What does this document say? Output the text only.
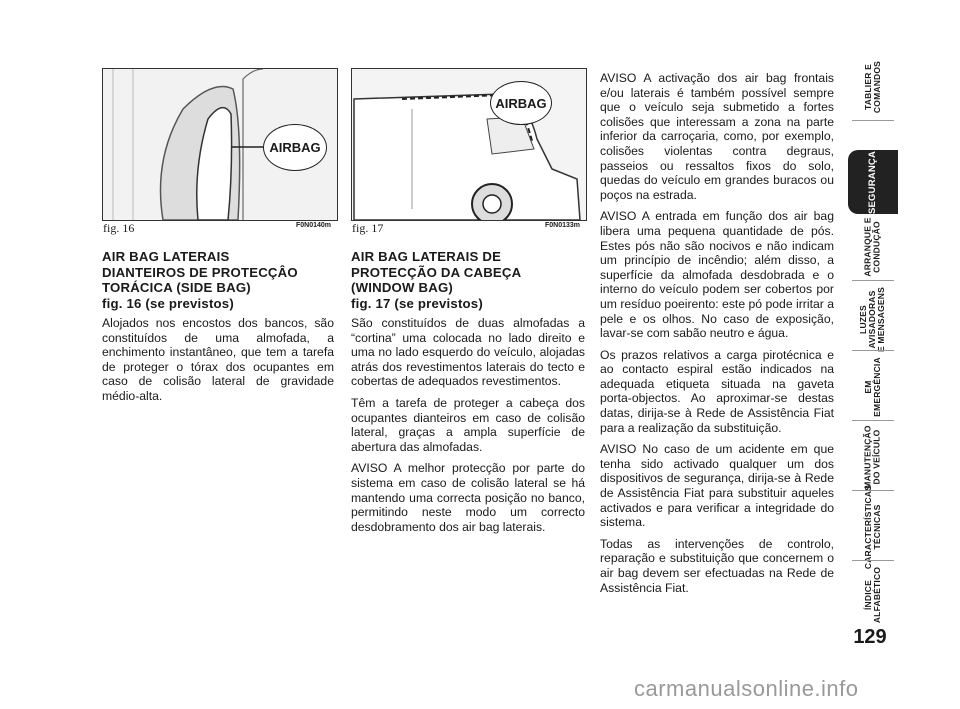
AIRBAG
fig. 16	F0N0140m
AIRBAG
fig. 17	F0N0133m
AIR BAG LATERAIS
DIANTEIROS DE PROTECÇÂO
TORÁCICA (SIDE BAG)
fig. 16 (se previstos)

Alojados nos encostos dos bancos, são constituídos de uma almofada, a enchimento instantâneo, que tem a tarefa de proteger o tórax dos ocupantes em caso de colisão lateral de gravidade médio-alta.

AIR BAG LATERAIS DE
PROTECÇÃO DA CABEÇA
(WINDOW BAG)
fig. 17 (se previstos)

São constituídos de duas almofadas a “cortina” uma colocada no lado direito e uma no lado esquerdo do veículo, alojadas atrás dos revestimentos laterais do tecto e cobertas de adequados revestimentos.

Têm a tarefa de proteger a cabeça dos ocupantes dianteiros em caso de colisão lateral, graças a ampla superfície de abertura das almofadas.

AVISO A melhor protecção por parte do sistema em caso de colisão lateral se há mantendo uma correcta posição no banco, permitindo neste modo um correcto desdobramento dos air bag laterais.

AVISO A activação dos air bag frontais e/ou laterais é também possível sempre que o veículo seja submetido a fortes colisões que interessam a zona na parte inferior da carroçaria, como, por exemplo, colisões violentas contra degraus, passeios ou ressaltos fixos do solo, quedas do veículo em grandes buracos ou poços na estrada.

AVISO A entrada em função dos air bag libera uma pequena quantidade de pós. Estes pós não são nocivos e não indicam um princípio de incêndio; além disso, a superfície da almofada desdobrada e o interno do veículo podem ser cobertos por um resíduo poeirento: este pó pode irritar a pele e os olhos. No caso de exposição, lavar-se com sabão neutro e água.

Os prazos relativos a carga pirotécnica e ao contacto espiral estão indicados na adequada etiqueta situada na gaveta porta-objectos. Ao aproximar-se destas datas, dirija-se à Rede de Assistência Fiat para a realização da substituição.

AVISO No caso de um acidente em que tenha sido activado qualquer um dos dispositivos de segurança, dirija-se à Rede de Assistência Fiat para substituir aqueles activados e para verificar a integridade do sistema.

Todas as intervenções de controlo, reparação e substituição que concernem o air bag devem ser efectuadas na Rede de Assistência Fiat.

TABLIER E
COMANDOS
SEGURANÇA
ARRANQUE E
CONDUÇÃO
LUZES
AVISADORAS
E MENSAGENS
EM
EMERGÊNCIA
MANUTENÇÃO
DO VEÍCULO
CARACTERÍSTICAS
TÉCNICAS
ÍNDICE
ALFABÉTICO
129
carmanualsonline.info
